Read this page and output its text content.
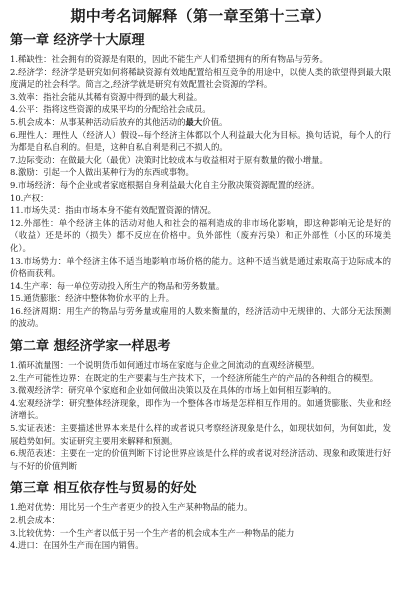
期中考名词解释（第一章至第十三章）
第一章 经济学十大原理

1.稀缺性：社会拥有的资源是有限的，因此不能生产人们希望拥有的所有物品与劳务。

2.经济学：经济学是研究如何将稀缺资源有效地配置给相互竞争的用途中，以使人类的欲望得到最大限度满足的社会科学。简言之,经济学就是研究有效配置社会资源的学科。

3.效率：指社会能从其稀有资源中得到的最大利益。

4.公平：指将这些资源的成果平均的分配给社会成员。

5.机会成本：从事某种活动后放弃的其他活动的最大价值。

6.理性人：理性人（经济人）假设--每个经济主体都以个人利益最大化为目标。换句话说，每个人的行为都是自私自利的。但是，这种自私自利是利己不损人的。

7.边际变动：在做最大化（最优）决策时比较成本与收益相对于原有数量的微小增量。

8.激励：引起一个人做出某种行为的东西或事物。

9.市场经济：每个企业或者家庭根据自身利益最大化自主分散决策资源配置的经济。

10.产权：

11.市场失灵：指由市场本身不能有效配置资源的情况。

12.外部性：单个经济主体的活动对他人和社会的福利造成的非市场化影响，即这种影响无论是好的（收益）还是坏的（损失）都不反应在价格中。负外部性（废弃污染）和正外部性（小区的环境美化）。

13.市场势力：单个经济主体不适当地影响市场价格的能力。这种不适当就是通过索取高于边际成本的价格而获利。

14.生产率：每一单位劳动投入所生产的物品和劳务数量。

15.通货膨胀：经济中整体物价水平的上升。

16.经济周期：用生产的物品与劳务量或雇用的人数来衡量的，经济活动中无规律的、大部分无法预测的波动。

第二章 想经济学家一样思考

1.循环流量图：一个说明货币如何通过市场在家庭与企业之间流动的直观经济模型。

2.生产可能性边界：在既定的生产要素与生产技术下，一个经济所能生产的产品的各种组合的模型。

3.微观经济学：研究单个家庭和企业如何做出决策以及在具体的市场上如何相互影响的。

4.宏观经济学：研究整体经济现象，即作为一个整体各市场是怎样相互作用的。如通货膨胀、失业和经济增长。

5.实证表述：主要描述世界本来是什么样的或者说只考察经济现象是什么，如现状如何，为何如此，发展趋势如何。实证研究主要用来解释和预测。

6.规范表述：主要在一定的价值判断下讨论世界应该是什么样的或者说对经济活动、现象和政策进行好与不好的价值判断

第三章 相互依存性与贸易的好处

1.绝对优势：用比另一个生产者更少的投入生产某种物品的能力。

2.机会成本：

3.比较优势：一个生产者以低于另一个生产者的机会成本生产一种物品的能力

4.进口：在国外生产而在国内销售。
